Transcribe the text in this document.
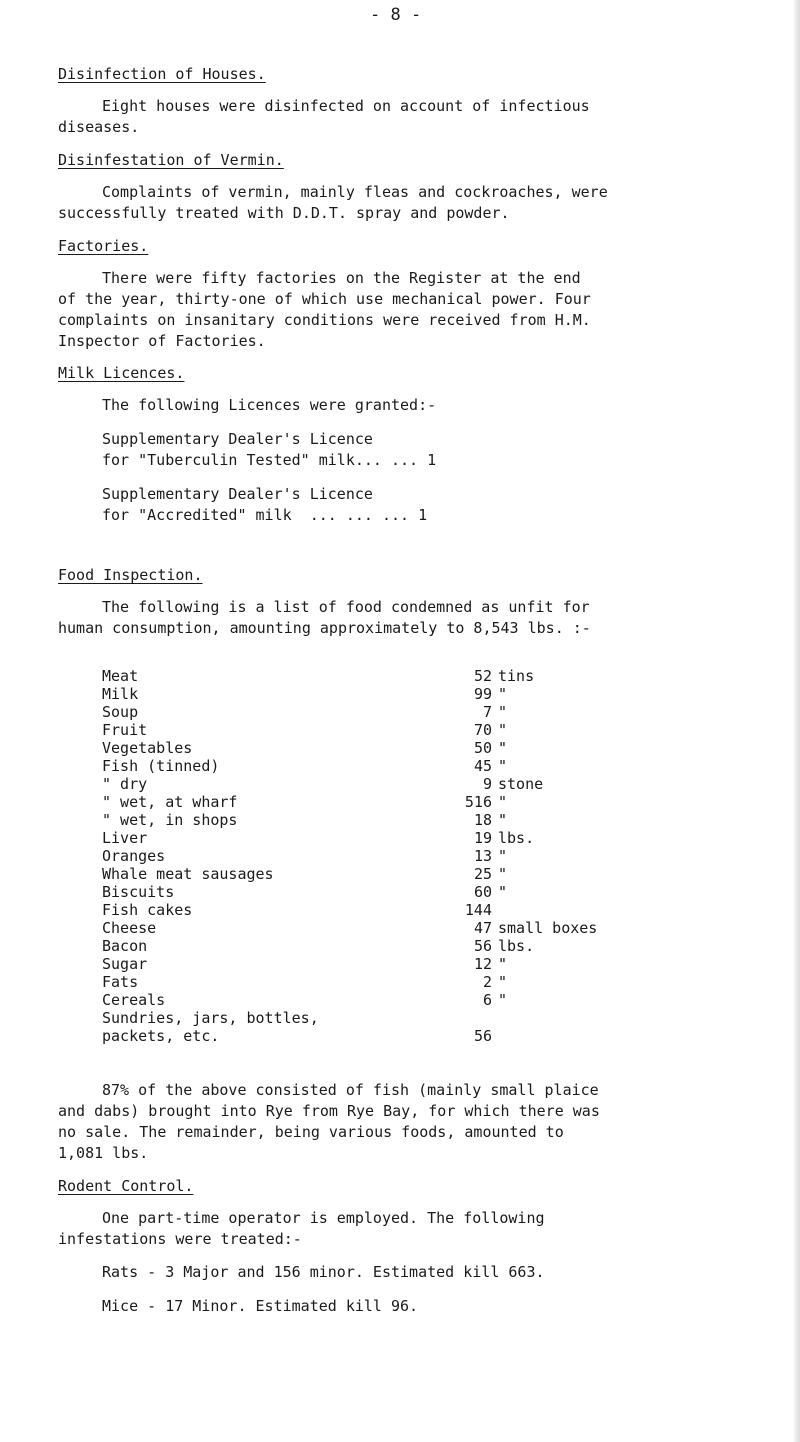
- 8 -
Disinfection of Houses.
Eight houses were disinfected on account of infectious
diseases.
Disinfestation of Vermin.
Complaints of vermin, mainly fleas and cockroaches, were
successfully treated with D.D.T. spray and powder.
Factories.
There were fifty factories on the Register at the end
of the year, thirty-one of which use mechanical power. Four
complaints on insanitary conditions were received from H.M.
Inspector of Factories.
Milk Licences.
The following Licences were granted:-
Supplementary Dealer's Licence
for "Tuberculin Tested" milk... ... 1
Supplementary Dealer's Licence
for "Accredited" milk  ... ... ... 1
Food Inspection.
The following is a list of food condemned as unfit for
human consumption, amounting approximately to 8,543 lbs. :-
Meat	52	tins
Milk	99	"
Soup	7	"
Fruit	70	"
Vegetables	50	"
Fish (tinned)	45	"
" dry	9	stone
" wet, at wharf	516	"
" wet, in shops	18	"
Liver	19	lbs.
Oranges	13	"
Whale meat sausages	25	"
Biscuits	60	"
Fish cakes	144	
Cheese	47	small boxes
Bacon	56	lbs.
Sugar	12	"
Fats	2	"
Cereals	6	"
Sundries, jars, bottles,		
packets, etc.	56	
87% of the above consisted of fish (mainly small plaice
and dabs) brought into Rye from Rye Bay, for which there was
no sale. The remainder, being various foods, amounted to
1,081 lbs.
Rodent Control.
One part-time operator is employed. The following
infestations were treated:-
Rats - 3 Major and 156 minor. Estimated kill 663.
Mice - 17 Minor. Estimated kill 96.
